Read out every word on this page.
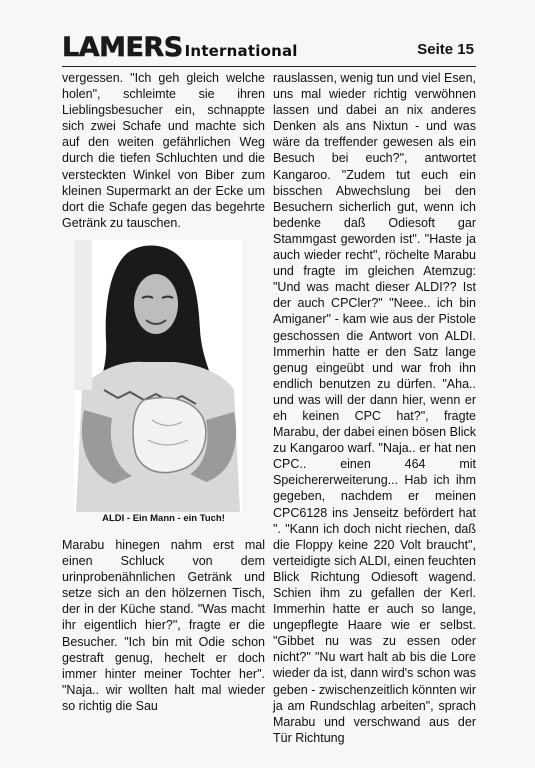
LAMERS International	Seite 15

vergessen. "Ich geh gleich welche holen", schleimte sie ihren Lieblingsbesucher ein, schnappte sich zwei Schafe und machte sich auf den weiten gefährlichen Weg durch die tiefen Schluchten und die versteckten Winkel von Biber zum kleinen Supermarkt an der Ecke um dort die Schafe gegen das begehrte Getränk zu tauschen.

ALDI - Ein Mann - ein Tuch!

Marabu hinegen nahm erst mal einen Schluck von dem urinprobenähnlichen Getränk und setze sich an den hölzernen Tisch, der in der Küche stand. "Was macht ihr eigentlich hier?", fragte er die Besucher. "Ich bin mit Odie schon gestraft genug, hechelt er doch immer hinter meiner Tochter her". "Naja.. wir wollten halt mal wieder so richtig die Sau

rauslassen, wenig tun und viel Esen, uns mal wieder richtig verwöhnen lassen und dabei an nix anderes Denken als ans Nixtun - und was wäre da treffender gewesen als ein Besuch bei euch?", antwortet Kangaroo. "Zudem tut euch ein bisschen Abwechslung bei den Besuchern sicherlich gut, wenn ich bedenke daß Odiesoft gar Stammgast geworden ist". "Haste ja auch wieder recht", röchelte Marabu und fragte im gleichen Atemzug: "Und was macht dieser ALDI?? Ist der auch CPCler?" "Neee.. ich bin Amiganer" - kam wie aus der Pistole geschossen die Antwort von ALDI. Immerhin hatte er den Satz lange genug eingeübt und war froh ihn endlich benutzen zu dürfen. "Aha.. und was will der dann hier, wenn er eh keinen CPC hat?", fragte Marabu, der dabei einen bösen Blick zu Kangaroo warf. "Naja.. er hat nen CPC.. einen 464 mit Speichererweiterung... Hab ich ihm gegeben, nachdem er meinen CPC6128 ins Jenseitz befördert hat ". "Kann ich doch nicht riechen, daß die Floppy keine 220 Volt braucht", verteidigte sich ALDI, einen feuchten Blick Richtung Odiesoft wagend. Schien ihm zu gefallen der Kerl. Immerhin hatte er auch so lange, ungepflegte Haare wie er selbst. "Gibbet nu was zu essen oder nicht?" "Nu wart halt ab bis die Lore wieder da ist, dann wird's schon was geben - zwischenzeitlich könnten wir ja am Rundschlag arbeiten", sprach Marabu und verschwand aus der Tür Richtung
